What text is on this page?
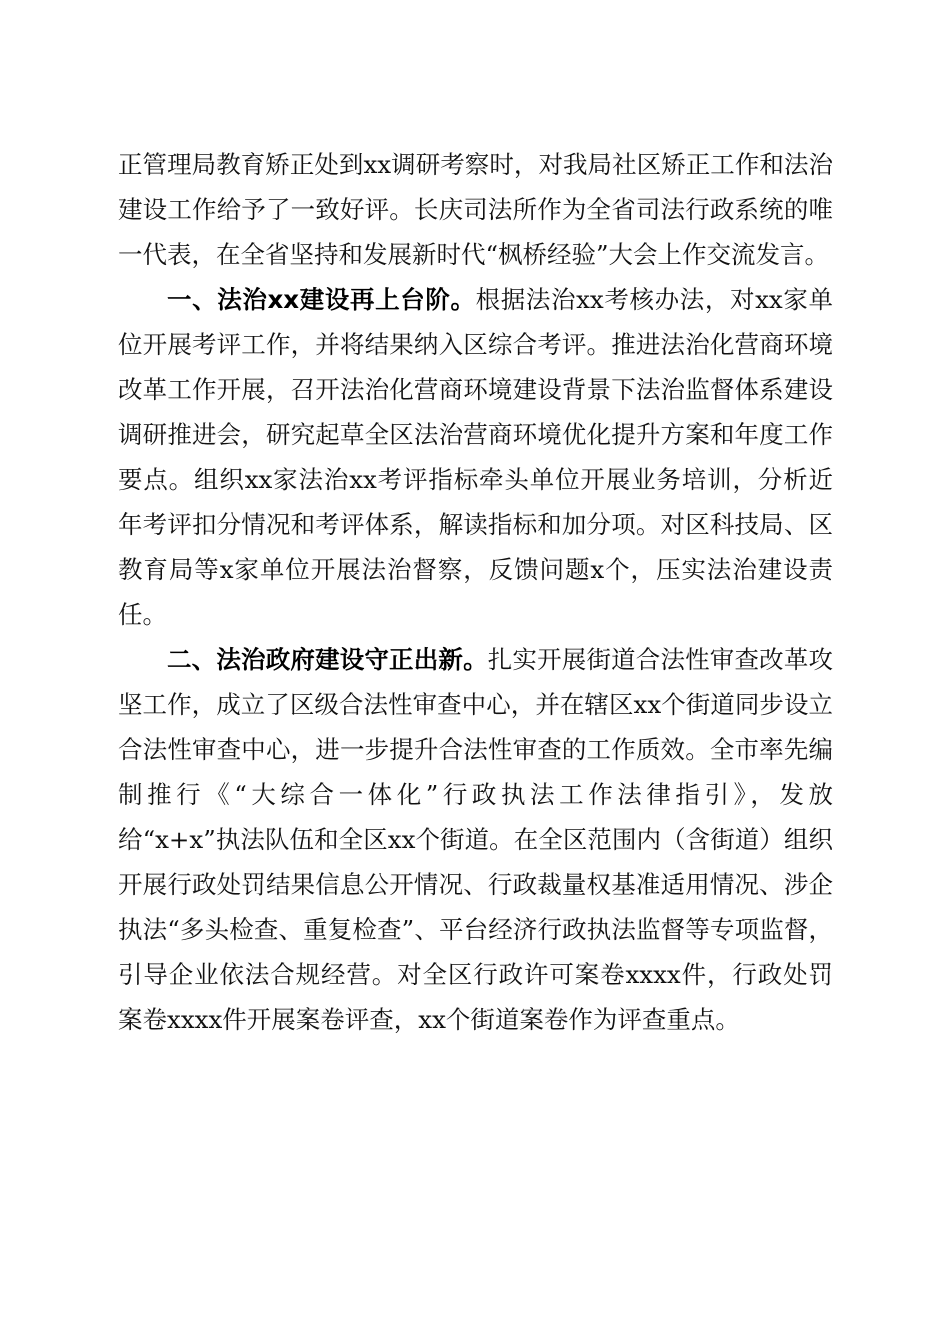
正管理局教育矫正处到xx调研考察时，对我局社区矫正工作和法治建设工作给予了一致好评。长庆司法所作为全省司法行政系统的唯一代表，在全省坚持和发展新时代“枫桥经验”大会上作交流发言。

一、法治xx建设再上台阶。根据法治xx考核办法，对xx家单位开展考评工作，并将结果纳入区综合考评。推进法治化营商环境改革工作开展，召开法治化营商环境建设背景下法治监督体系建设调研推进会，研究起草全区法治营商环境优化提升方案和年度工作要点。组织xx家法治xx考评指标牵头单位开展业务培训，分析近年考评扣分情况和考评体系，解读指标和加分项。对区科技局、区教育局等x家单位开展法治督察，反馈问题x个，压实法治建设责任。

二、法治政府建设守正出新。扎实开展街道合法性审查改革攻坚工作，成立了区级合法性审查中心，并在辖区xx个街道同步设立合法性审查中心，进一步提升合法性审查的工作质效。全市率先编制推行《“大综合一体化”行政执法工作法律指引》，发放给“x+x”执法队伍和全区xx个街道。在全区范围内（含街道）组织开展行政处罚结果信息公开情况、行政裁量权基准适用情况、涉企执法“多头检查、重复检查”、平台经济行政执法监督等专项监督，引导企业依法合规经营。对全区行政许可案卷xxxx件，行政处罚案卷xxxx件开展案卷评查，xx个街道案卷作为评查重点。
